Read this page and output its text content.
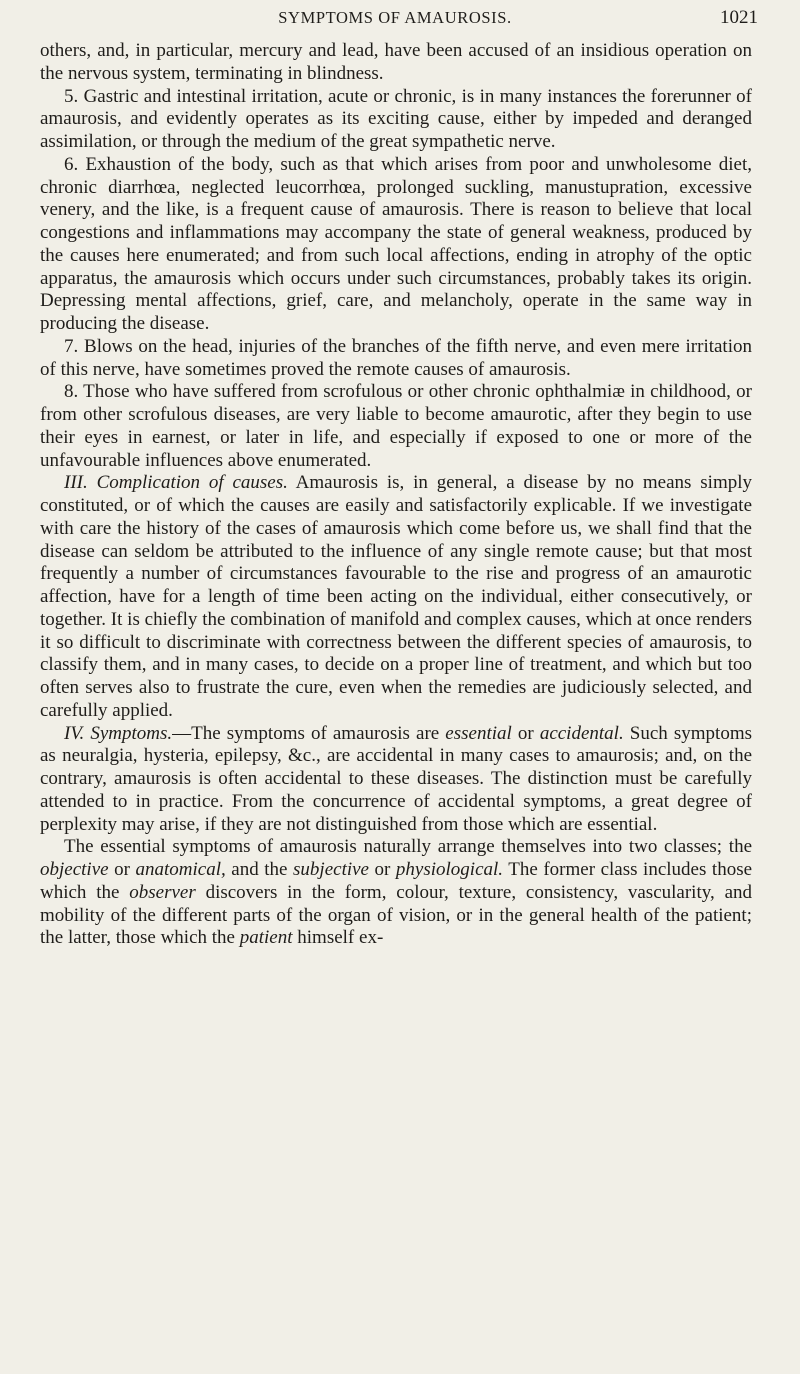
SYMPTOMS OF AMAUROSIS.	1021

others, and, in particular, mercury and lead, have been accused of an insidious operation on the nervous system, terminating in blindness.

5. Gastric and intestinal irritation, acute or chronic, is in many instances the forerunner of amaurosis, and evidently operates as its exciting cause, either by impeded and deranged assimilation, or through the medium of the great sympathetic nerve.

6. Exhaustion of the body, such as that which arises from poor and unwholesome diet, chronic diarrhœa, neglected leucorrhœa, prolonged suckling, manustupration, excessive venery, and the like, is a frequent cause of amaurosis. There is reason to believe that local congestions and inflammations may accompany the state of general weakness, produced by the causes here enumerated; and from such local affections, ending in atrophy of the optic apparatus, the amaurosis which occurs under such circumstances, probably takes its origin. Depressing mental affections, grief, care, and melancholy, operate in the same way in producing the disease.

7. Blows on the head, injuries of the branches of the fifth nerve, and even mere irritation of this nerve, have sometimes proved the remote causes of amaurosis.

8. Those who have suffered from scrofulous or other chronic ophthalmiæ in childhood, or from other scrofulous diseases, are very liable to become amaurotic, after they begin to use their eyes in earnest, or later in life, and especially if exposed to one or more of the unfavourable influences above enumerated.

III. Complication of causes. Amaurosis is, in general, a disease by no means simply constituted, or of which the causes are easily and satisfactorily explicable. If we investigate with care the history of the cases of amaurosis which come before us, we shall find that the disease can seldom be attributed to the influence of any single remote cause; but that most frequently a number of circumstances favourable to the rise and progress of an amaurotic affection, have for a length of time been acting on the individual, either consecutively, or together. It is chiefly the combination of manifold and complex causes, which at once renders it so difficult to discriminate with correctness between the different species of amaurosis, to classify them, and in many cases, to decide on a proper line of treatment, and which but too often serves also to frustrate the cure, even when the remedies are judiciously selected, and carefully applied.

IV. Symptoms.—The symptoms of amaurosis are essential or accidental. Such symptoms as neuralgia, hysteria, epilepsy, &c., are accidental in many cases to amaurosis; and, on the contrary, amaurosis is often accidental to these diseases. The distinction must be carefully attended to in practice. From the concurrence of accidental symptoms, a great degree of perplexity may arise, if they are not distinguished from those which are essential.

The essential symptoms of amaurosis naturally arrange themselves into two classes; the objective or anatomical, and the subjective or physiological. The former class includes those which the observer discovers in the form, colour, texture, consistency, vascularity, and mobility of the different parts of the organ of vision, or in the general health of the patient; the latter, those which the patient himself ex-
